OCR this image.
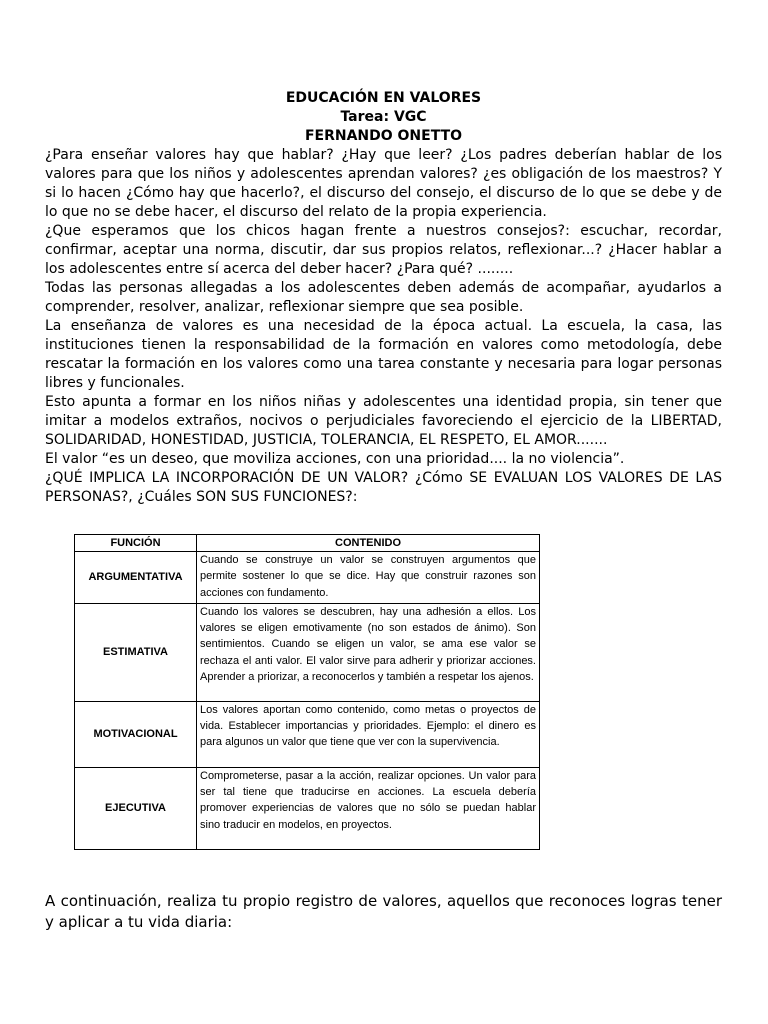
EDUCACIÓN EN VALORES
Tarea: VGC
FERNANDO ONETTO

¿Para enseñar valores hay que hablar? ¿Hay que leer? ¿Los padres deberían hablar de los valores para que los niños y adolescentes aprendan valores? ¿es obligación de los maestros? Y si lo hacen ¿Cómo hay que hacerlo?, el discurso del consejo, el discurso de lo que se debe y de lo que no se debe hacer, el discurso del relato de la propia experiencia.

¿Que esperamos que los chicos hagan frente a nuestros consejos?: escuchar, recordar, confirmar, aceptar una norma, discutir, dar sus propios relatos, reflexionar...? ¿Hacer hablar a los adolescentes entre sí acerca del deber hacer? ¿Para qué? ........

Todas las personas allegadas a los adolescentes deben además de acompañar, ayudarlos a comprender, resolver, analizar, reflexionar siempre que sea posible.

La enseñanza de valores es una necesidad de la época actual. La escuela, la casa, las instituciones tienen la responsabilidad de la formación en valores como metodología, debe rescatar la formación en los valores como una tarea constante y necesaria para logar personas libres y funcionales.

Esto apunta a formar en los niños niñas y adolescentes una identidad propia, sin tener que imitar a modelos extraños, nocivos o perjudiciales favoreciendo el ejercicio de la LIBERTAD, SOLIDARIDAD, HONESTIDAD, JUSTICIA, TOLERANCIA, EL RESPETO, EL AMOR.......

El valor “es un deseo, que moviliza acciones, con una prioridad.... la no violencia”.

¿QUÉ IMPLICA LA INCORPORACIÓN DE UN VALOR? ¿Cómo SE EVALUAN LOS VALORES DE LAS PERSONAS?, ¿Cuáles SON SUS FUNCIONES?:

FUNCIÓN	CONTENIDO
ARGUMENTATIVA	Cuando se construye un valor se construyen argumentos que permite sostener lo que se dice. Hay que construir razones son acciones con fundamento.
ESTIMATIVA	Cuando los valores se descubren, hay una adhesión a ellos. Los valores se eligen emotivamente (no son estados de ánimo). Son sentimientos. Cuando se eligen un valor, se ama ese valor se rechaza el anti valor. El valor sirve para adherir y priorizar acciones. Aprender a priorizar, a reconocerlos y también a respetar los ajenos.
MOTIVACIONAL	Los valores aportan como contenido, como metas o proyectos de vida. Establecer importancias y prioridades. Ejemplo: el dinero es para algunos un valor que tiene que ver con la supervivencia.
EJECUTIVA	Comprometerse, pasar a la acción, realizar opciones. Un valor para ser tal tiene que traducirse en acciones. La escuela debería promover experiencias de valores que no sólo se puedan hablar sino traducir en modelos, en proyectos.

A continuación, realiza tu propio registro de valores, aquellos que reconoces logras tener y aplicar a tu vida diaria:
